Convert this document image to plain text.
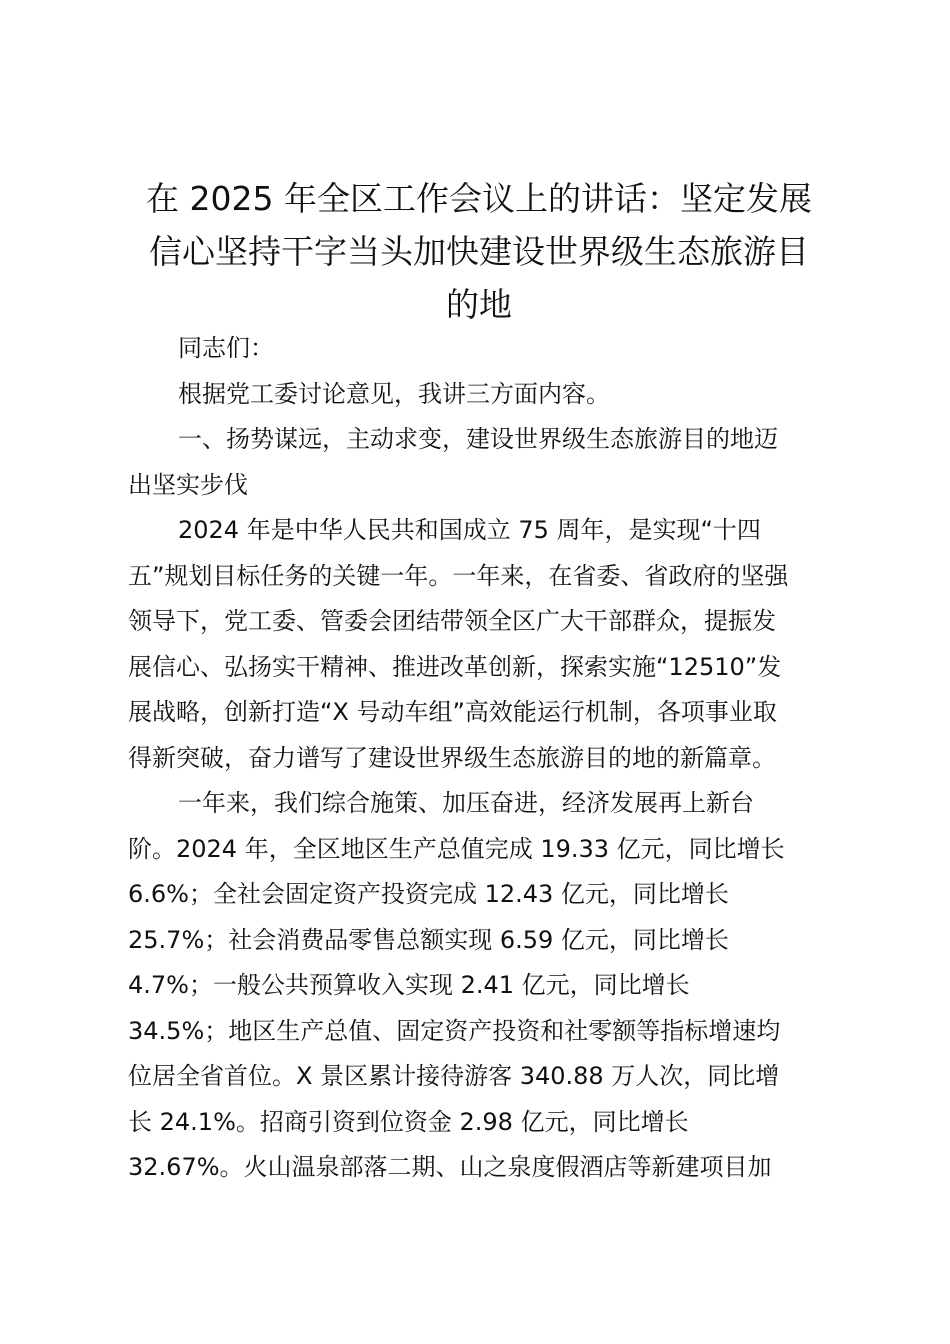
在 2025 年全区工作会议上的讲话：坚定发展
信心坚持干字当头加快建设世界级生态旅游目
的地
同志们：
根据党工委讨论意见，我讲三方面内容。
一、扬势谋远，主动求变，建设世界级生态旅游目的地迈
出坚实步伐
2024 年是中华人民共和国成立 75 周年，是实现“十四
五”规划目标任务的关键一年。一年来，在省委、省政府的坚强
领导下，党工委、管委会团结带领全区广大干部群众，提振发
展信心、弘扬实干精神、推进改革创新，探索实施“12510”发
展战略，创新打造“X 号动车组”高效能运行机制，各项事业取
得新突破，奋力谱写了建设世界级生态旅游目的地的新篇章。
一年来，我们综合施策、加压奋进，经济发展再上新台
阶。2024 年，全区地区生产总值完成 19.33 亿元，同比增长
6.6%；全社会固定资产投资完成 12.43 亿元，同比增长
25.7%；社会消费品零售总额实现 6.59 亿元，同比增长
4.7%；一般公共预算收入实现 2.41 亿元，同比增长
34.5%；地区生产总值、固定资产投资和社零额等指标增速均
位居全省首位。X 景区累计接待游客 340.88 万人次，同比增
长 24.1%。招商引资到位资金 2.98 亿元，同比增长
32.67%。火山温泉部落二期、山之泉度假酒店等新建项目加
